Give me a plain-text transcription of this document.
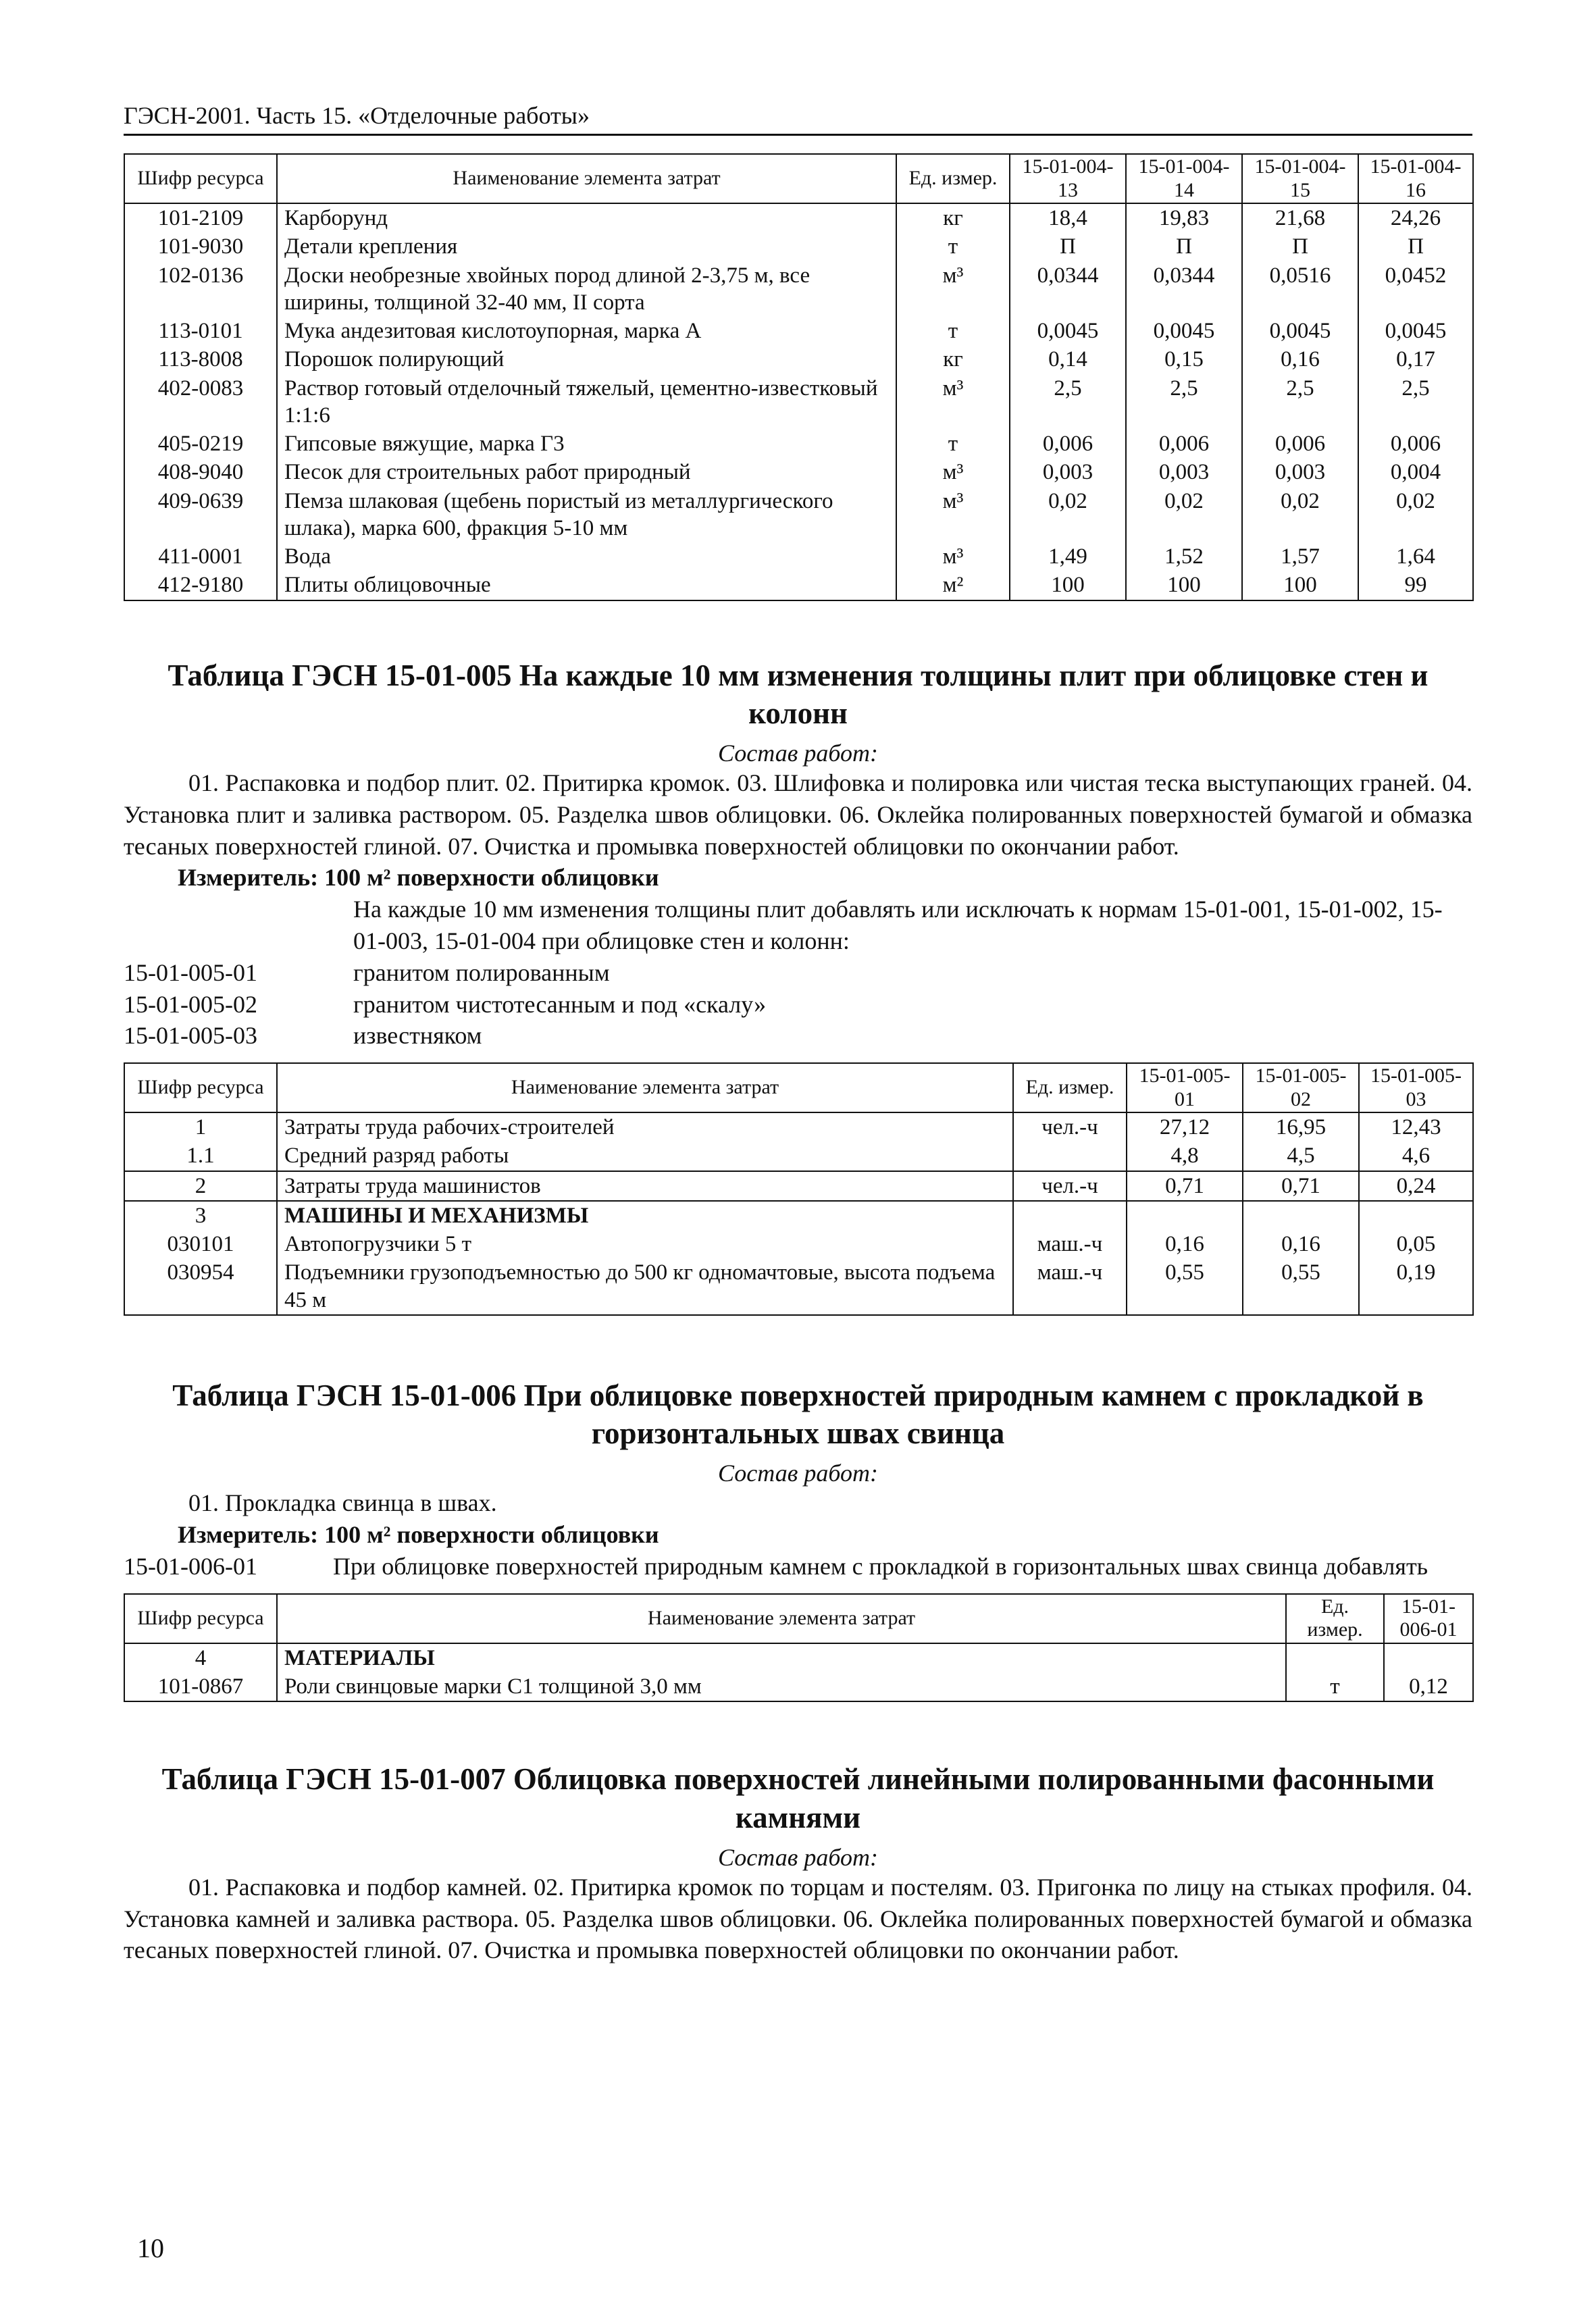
ГЭСН-2001. Часть 15. «Отделочные работы»
Шифр ресурса	Наименование элемента затрат	Ед. измер.	15-01-004-13	15-01-004-14	15-01-004-15	15-01-004-16
101-2109	Карборунд	кг	18,4	19,83	21,68	24,26
101-9030	Детали крепления	т	П	П	П	П
102-0136	Доски необрезные хвойных пород длиной 2-3,75 м, все ширины, толщиной 32-40 мм, II сорта	м³	0,0344	0,0344	0,0516	0,0452
113-0101	Мука андезитовая кислотоупорная, марка А	т	0,0045	0,0045	0,0045	0,0045
113-8008	Порошок полирующий	кг	0,14	0,15	0,16	0,17
402-0083	Раствор готовый отделочный тяжелый, цементно-известковый 1:1:6	м³	2,5	2,5	2,5	2,5
405-0219	Гипсовые вяжущие, марка Г3	т	0,006	0,006	0,006	0,006
408-9040	Песок для строительных работ природный	м³	0,003	0,003	0,003	0,004
409-0639	Пемза шлаковая (щебень пористый из металлургического шлака), марка 600, фракция 5-10 мм	м³	0,02	0,02	0,02	0,02
411-0001	Вода	м³	1,49	1,52	1,57	1,64
412-9180	Плиты облицовочные	м²	100	100	100	99

Таблица ГЭСН 15-01-005 На каждые 10 мм изменения толщины плит при облицовке стен и колонн

Состав работ:
01. Распаковка и подбор плит. 02. Притирка кромок. 03. Шлифовка и полировка или чистая теска выступающих граней. 04. Установка плит и заливка раствором. 05. Разделка швов облицовки. 06. Оклейка полированных поверхностей бумагой и обмазка тесаных поверхностей глиной. 07. Очистка и промывка поверхностей облицовки по окончании работ.
Измеритель: 100 м² поверхности облицовки
На каждые 10 мм изменения толщины плит добавлять или исключать к нормам 15-01-001, 15-01-002, 15-01-003, 15-01-004 при облицовке стен и колонн:
15-01-005-01	гранитом полированным
15-01-005-02	гранитом чистотесанным и под «скалу»
15-01-005-03	известняком
Шифр ресурса	Наименование элемента затрат	Ед. измер.	15-01-005-01	15-01-005-02	15-01-005-03
1	Затраты труда рабочих-строителей	чел.-ч	27,12	16,95	12,43
1.1	Средний разряд работы		4,8	4,5	4,6
2	Затраты труда машинистов	чел.-ч	0,71	0,71	0,24
3	МАШИНЫ И МЕХАНИЗМЫ				
030101	Автопогрузчики 5 т	маш.-ч	0,16	0,16	0,05
030954	Подъемники грузоподъемностью до 500 кг одномачтовые, высота подъема 45 м	маш.-ч	0,55	0,55	0,19

Таблица ГЭСН 15-01-006 При облицовке поверхностей природным камнем с прокладкой в горизонтальных швах свинца

Состав работ:
01. Прокладка свинца в швах.
Измеритель: 100 м² поверхности облицовки
15-01-006-01	При облицовке поверхностей природным камнем с прокладкой в горизонтальных швах свинца добавлять
Шифр ресурса	Наименование элемента затрат	Ед. измер.	15-01-006-01
4	МАТЕРИАЛЫ		
101-0867	Роли свинцовые марки С1 толщиной 3,0 мм	т	0,12

Таблица ГЭСН 15-01-007 Облицовка поверхностей линейными полированными фасонными камнями

Состав работ:
01. Распаковка и подбор камней. 02. Притирка кромок по торцам и постелям. 03. Пригонка по лицу на стыках профиля. 04. Установка камней и заливка раствора. 05. Разделка швов облицовки. 06. Оклейка полированных поверхностей бумагой и обмазка тесаных поверхностей глиной. 07. Очистка и промывка поверхностей облицовки по окончании работ.
10
